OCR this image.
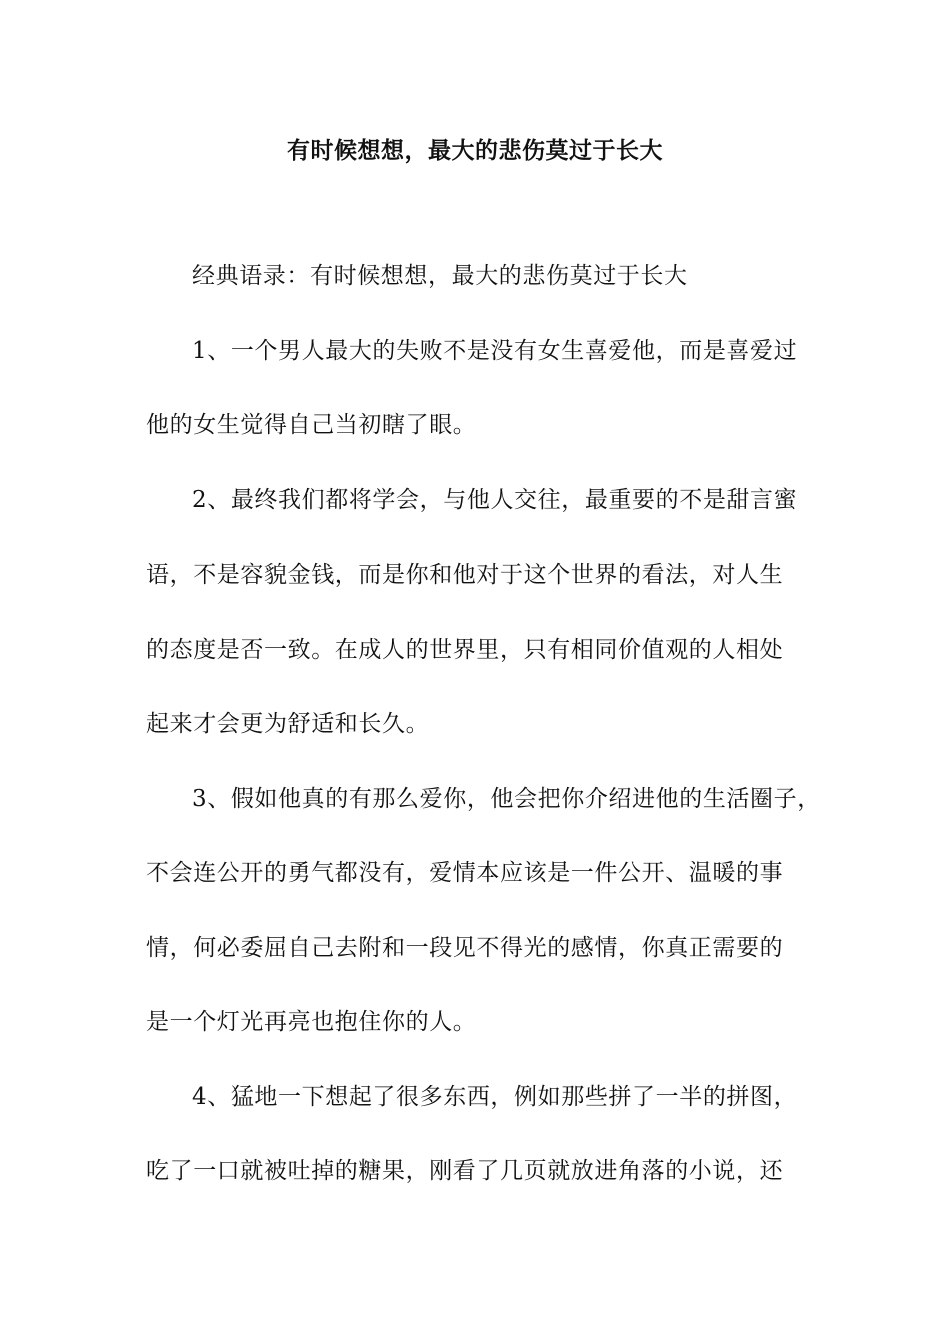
有时候想想，最大的悲伤莫过于长大
经典语录：有时候想想，最大的悲伤莫过于长大
1、一个男人最大的失败不是没有女生喜爱他，而是喜爱过
他的女生觉得自己当初瞎了眼。
2、最终我们都将学会，与他人交往，最重要的不是甜言蜜
语，不是容貌金钱，而是你和他对于这个世界的看法，对人生
的态度是否一致。在成人的世界里，只有相同价值观的人相处
起来才会更为舒适和长久。
3、假如他真的有那么爱你，他会把你介绍进他的生活圈子，
不会连公开的勇气都没有，爱情本应该是一件公开、温暖的事
情，何必委屈自己去附和一段见不得光的感情，你真正需要的
是一个灯光再亮也抱住你的人。
4、猛地一下想起了很多东西，例如那些拼了一半的拼图，
吃了一口就被吐掉的糖果，刚看了几页就放进角落的小说，还
